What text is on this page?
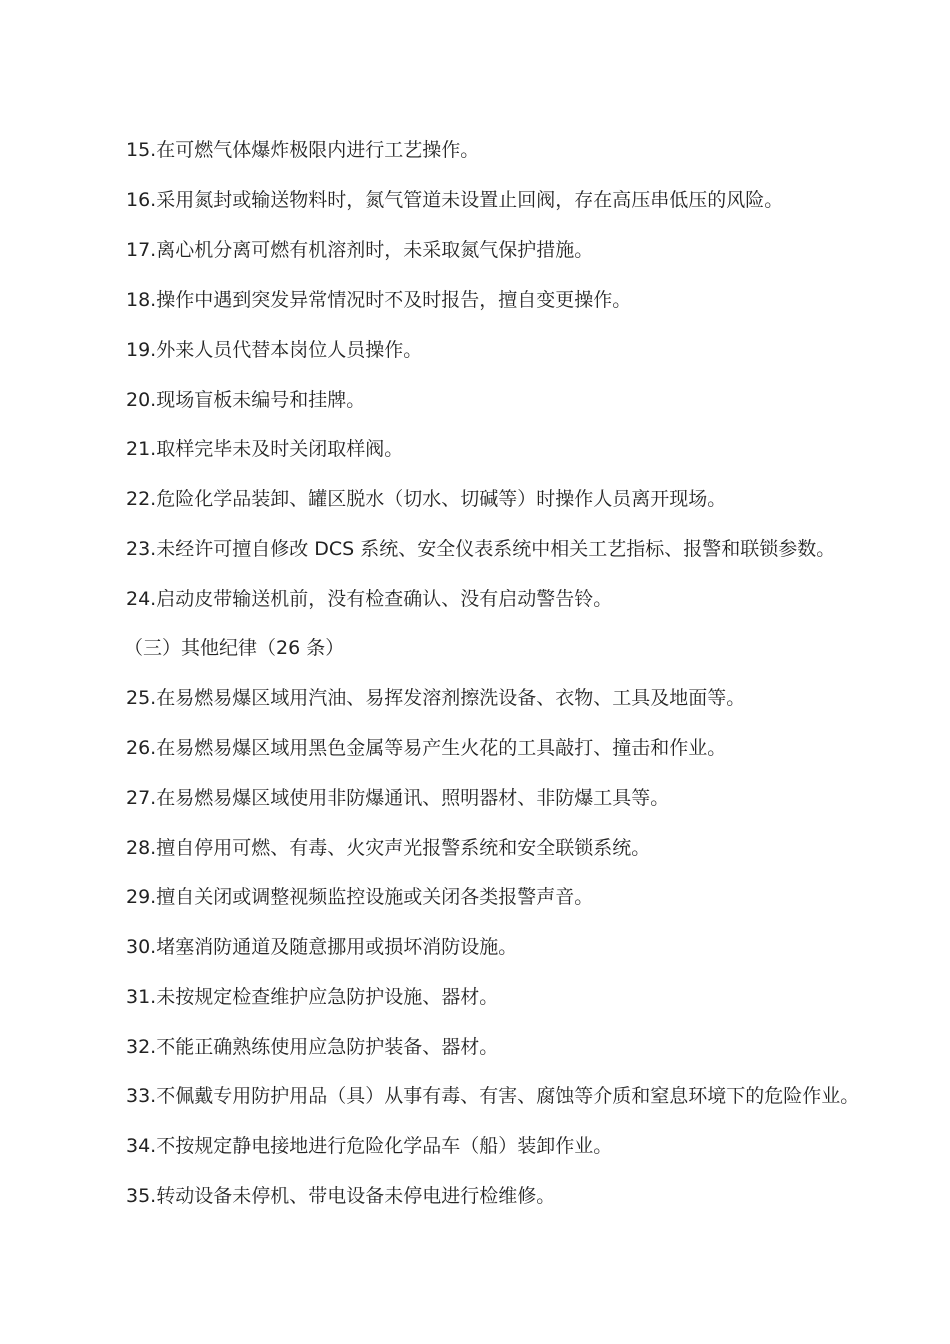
15.在可燃气体爆炸极限内进行工艺操作。
16.采用氮封或输送物料时，氮气管道未设置止回阀，存在高压串低压的风险。
17.离心机分离可燃有机溶剂时，未采取氮气保护措施。
18.操作中遇到突发异常情况时不及时报告，擅自变更操作。
19.外来人员代替本岗位人员操作。
20.现场盲板未编号和挂牌。
21.取样完毕未及时关闭取样阀。
22.危险化学品装卸、罐区脱水（切水、切碱等）时操作人员离开现场。
23.未经许可擅自修改 DCS 系统、安全仪表系统中相关工艺指标、报警和联锁参数。
24.启动皮带输送机前，没有检查确认、没有启动警告铃。
（三）其他纪律（26 条）
25.在易燃易爆区域用汽油、易挥发溶剂擦洗设备、衣物、工具及地面等。
26.在易燃易爆区域用黑色金属等易产生火花的工具敲打、撞击和作业。
27.在易燃易爆区域使用非防爆通讯、照明器材、非防爆工具等。
28.擅自停用可燃、有毒、火灾声光报警系统和安全联锁系统。
29.擅自关闭或调整视频监控设施或关闭各类报警声音。
30.堵塞消防通道及随意挪用或损坏消防设施。
31.未按规定检查维护应急防护设施、器材。
32.不能正确熟练使用应急防护装备、器材。
33.不佩戴专用防护用品（具）从事有毒、有害、腐蚀等介质和窒息环境下的危险作业。
34.不按规定静电接地进行危险化学品车（船）装卸作业。
35.转动设备未停机、带电设备未停电进行检维修。
